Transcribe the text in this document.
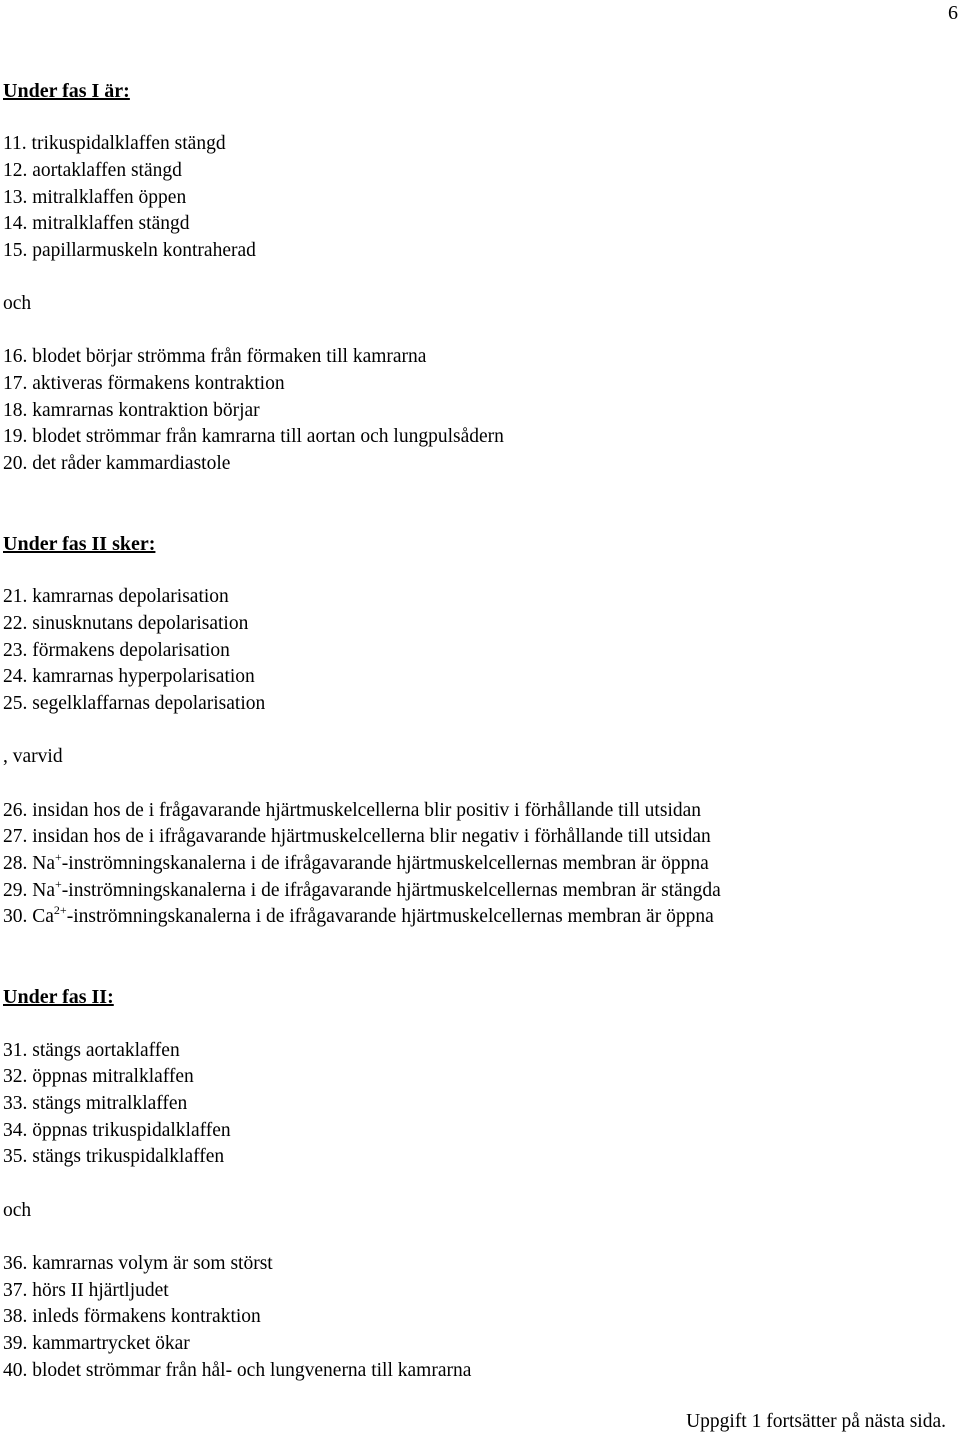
6
Under fas I är:
11. trikuspidalklaffen stängd
12. aortaklaffen stängd
13. mitralklaffen öppen
14. mitralklaffen stängd
15. papillarmuskeln kontraherad
och
16. blodet börjar strömma från förmaken till kamrarna
17. aktiveras förmakens kontraktion
18. kamrarnas kontraktion börjar
19. blodet strömmar från kamrarna till aortan och lungpulsådern
20. det råder kammardiastole
Under fas II sker:
21. kamrarnas depolarisation
22. sinusknutans depolarisation
23. förmakens depolarisation
24. kamrarnas hyperpolarisation
25. segelklaffarnas depolarisation
, varvid
26. insidan hos de i frågavarande hjärtmuskelcellerna blir positiv i förhållande till utsidan
27. insidan hos de i ifrågavarande hjärtmuskelcellerna blir negativ i förhållande till utsidan
28. Na+-inströmningskanalerna i de ifrågavarande hjärtmuskelcellernas membran är öppna
29. Na+-inströmningskanalerna i de ifrågavarande hjärtmuskelcellernas membran är stängda
30. $Ca^{2+}$-inströmningskanalerna i de ifrågavarande hjärtmuskelcellernas membran är öppna
Under fas II:
31. stängs aortaklaffen
32. öppnas mitralklaffen
33. stängs mitralklaffen
34. öppnas trikuspidalklaffen
35. stängs trikuspidalklaffen
och
36. kamrarnas volym är som störst
37. hörs II hjärtljudet
38. inleds förmakens kontraktion
39. kammartrycket ökar
40. blodet strömmar från hål- och lungvenerna till kamrarna
Uppgift 1 fortsätter på nästa sida.
